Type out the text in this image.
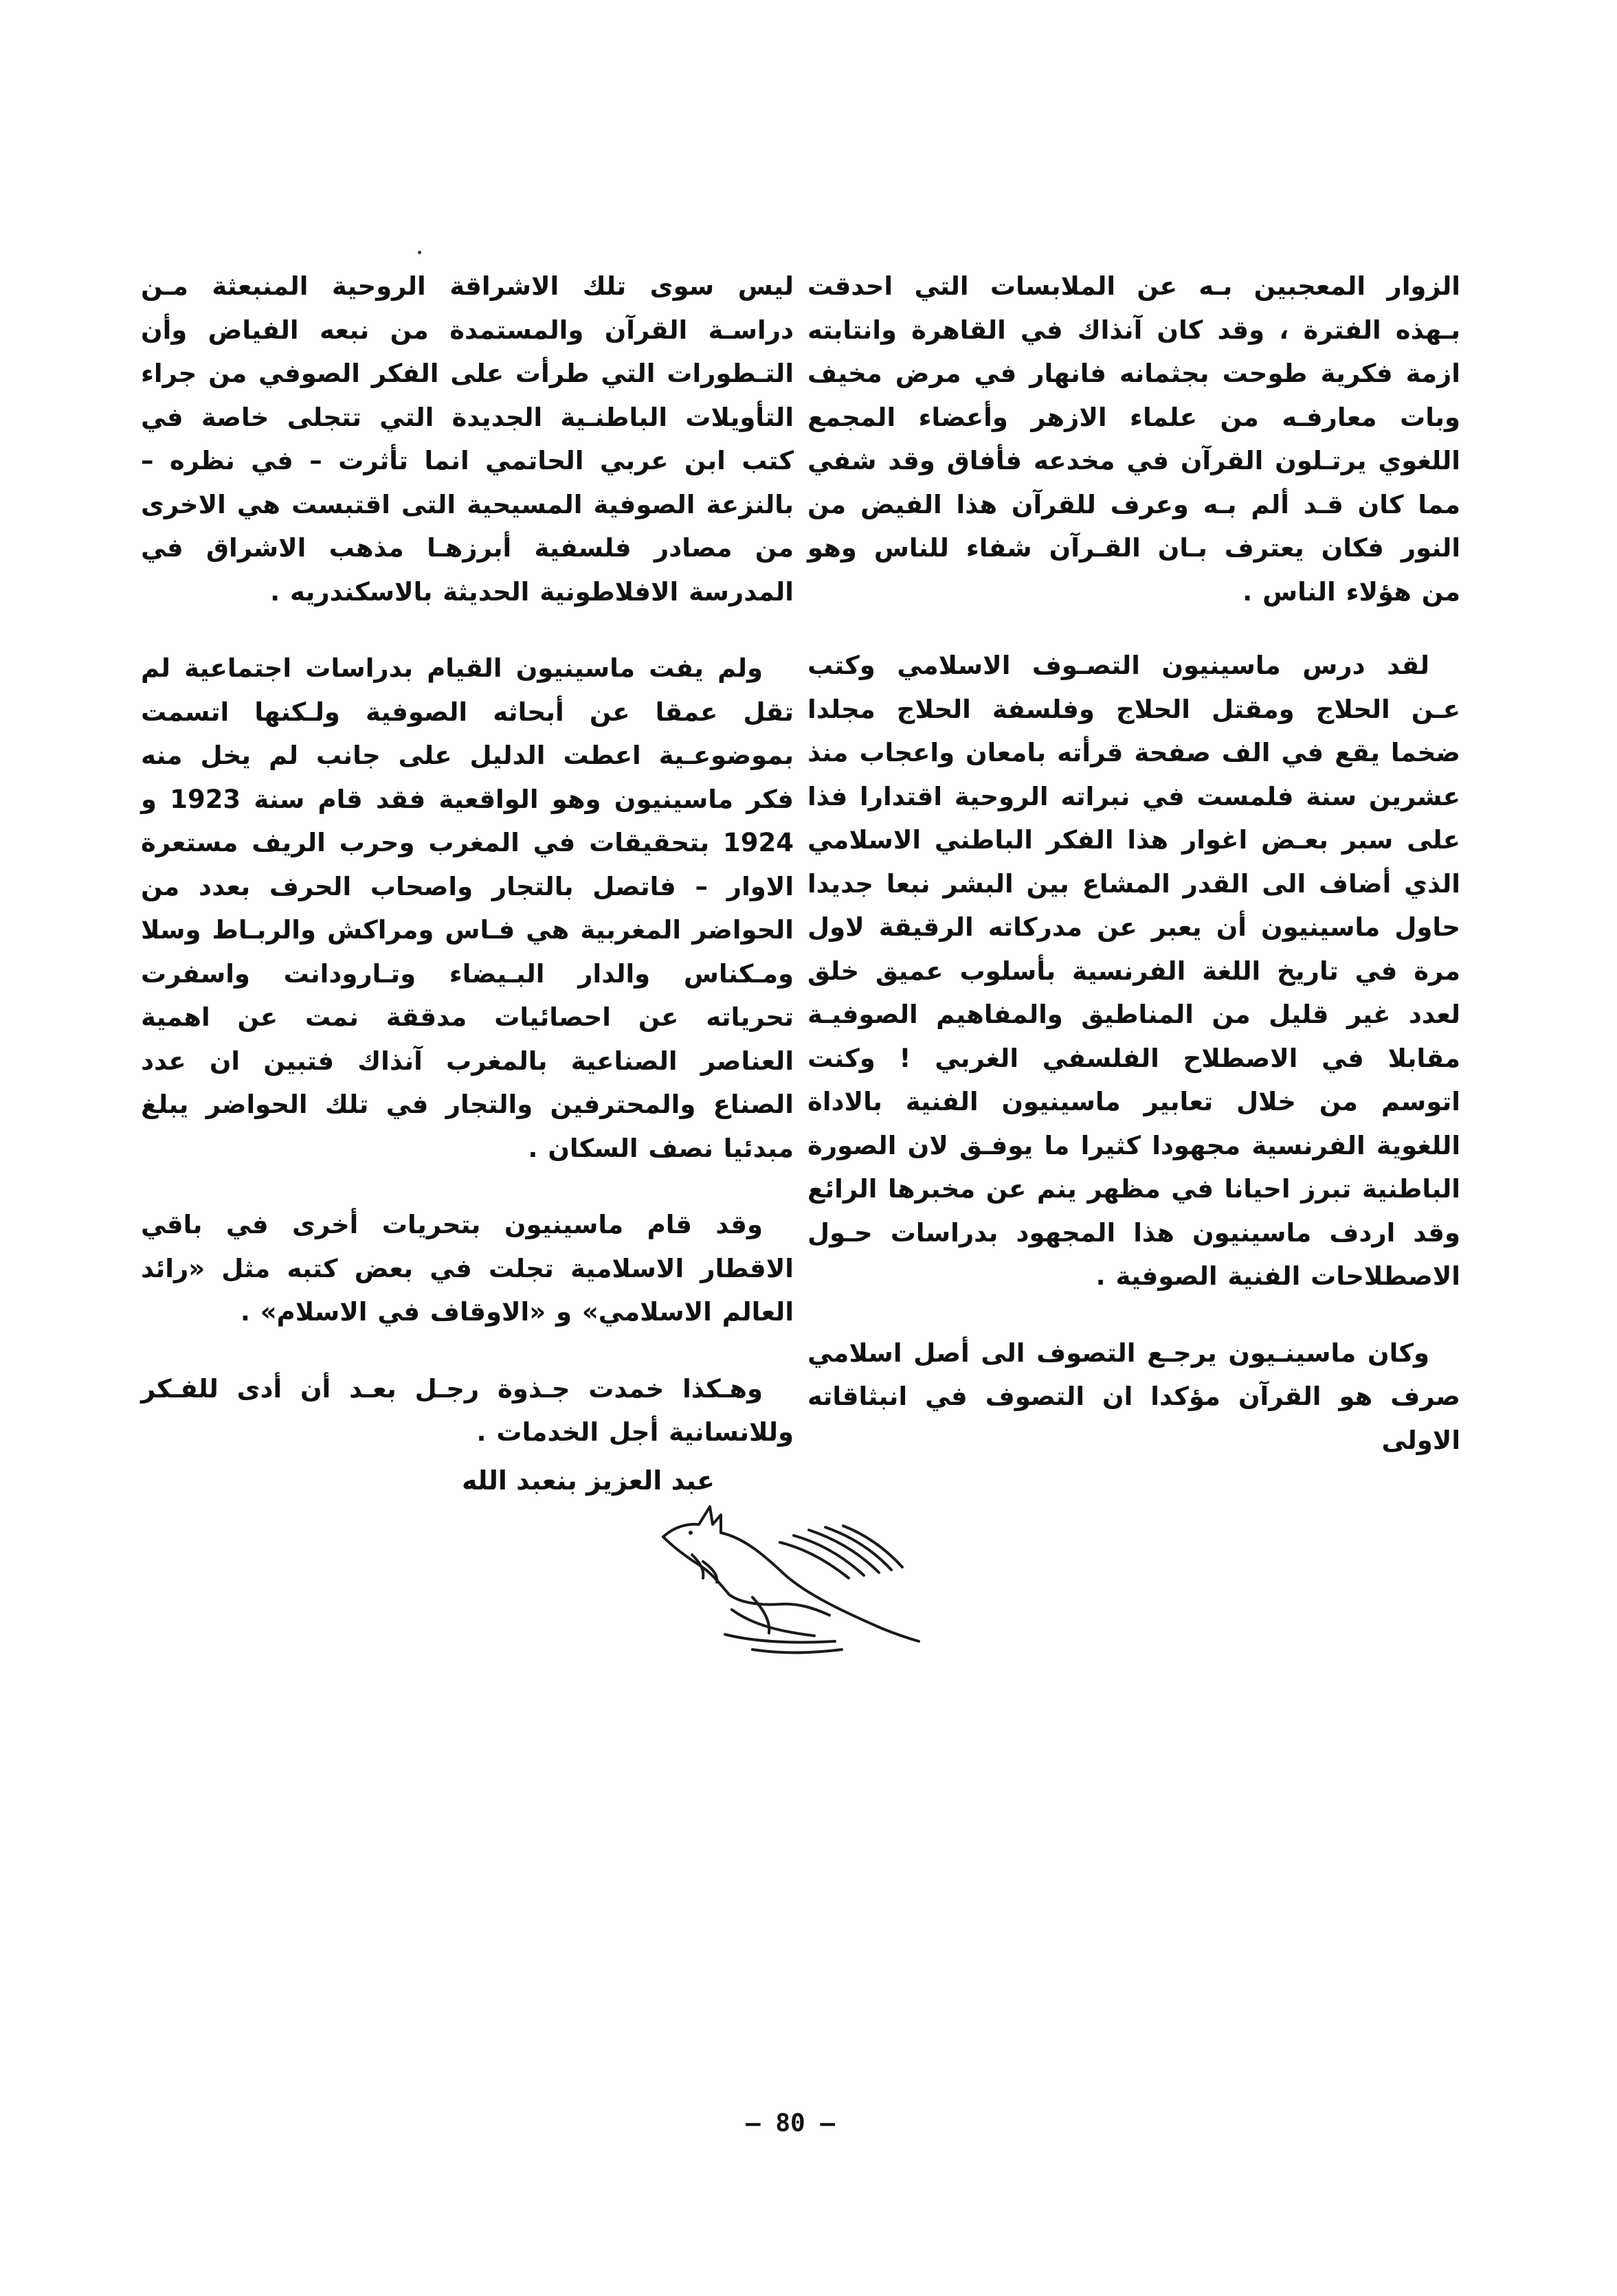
الزوار المعجبين بـه عن الملابسات التي احدقت بـهذه الفترة ، وقد كان آنذاك في القاهرة وانتابته ازمة فكرية طوحت بجثمانه فانهار في مرض مخيف وبات معارفـه من علماء الازهر وأعضاء المجمع اللغوي يرتـلون القرآن في مخدعه فأفاق وقد شفي مما كان قـد ألم بـه وعرف للقرآن هذا الفيض من النور فكان يعترف بـان القـرآن شفاء للناس وهو من هؤلاء الناس .

لقد درس ماسينيون التصـوف الاسلامي وكتب عـن الحلاج ومقتل الحلاج وفلسفة الحلاج مجلدا ضخما يقع في الف صفحة قرأته بامعان واعجاب منذ عشرين سنة فلمست في نبراته الروحية اقتدارا فذا على سبر بعـض اغوار هذا الفكر الباطني الاسلامي الذي أضاف الى القدر المشاع بين البشر نبعا جديدا حاول ماسينيون أن يعبر عن مدركاته الرقيقة لاول مرة في تاريخ اللغة الفرنسية بأسلوب عميق خلق لعدد غير قليل من المناطيق والمفاهيم الصوفيـة مقابلا في الاصطلاح الفلسفي الغربي ! وكنت اتوسم من خلال تعابير ماسينيون الفنية بالاداة اللغوية الفرنسية مجهودا كثيرا ما يوفـق لان الصورة الباطنية تبرز احيانا في مظهر ينم عن مخبرها الرائع وقد اردف ماسينيون هذا المجهود بدراسات حـول الاصطلاحات الفنية الصوفية .

وكان ماسينـيون يرجـع التصوف الى أصل اسلامي صرف هو القرآن مؤكدا ان التصوف في انبثاقاته الاولى

ليس سوى تلك الاشراقة الروحية المنبعثة مـن دراسـة القرآن والمستمدة من نبعه الفياض وأن التـطورات التي طرأت على الفكر الصوفي من جراء التأويلات الباطنـية الجديدة التي تتجلى خاصة في كتب ابن عربي الحاتمي انما تأثرت – في نظره – بالنزعة الصوفية المسيحية التى اقتبست هي الاخرى من مصادر فلسفية أبرزهـا مذهب الاشراق في المدرسة الافلاطونية الحديثة بالاسكندريه .

ولم يفت ماسينيون القيام بدراسات اجتماعية لم تقل عمقا عن أبحاثه الصوفية ولـكنها اتسمت بموضوعـية اعطت الدليل على جانب لم يخل منه فكر ماسينيون وهو الواقعية فقد قام سنة 1923 و 1924 بتحقيقات في المغرب وحرب الريف مستعرة الاوار – فاتصل بالتجار واصحاب الحرف بعدد من الحواضر المغربية هي فـاس ومراكش والربـاط وسلا ومـكناس والدار البـيضاء وتـارودانت واسفرت تحرياته عن احصائيات مدققة نمت عن اهمية العناصر الصناعية بالمغرب آنذاك فتبين ان عدد الصناع والمحترفين والتجار في تلك الحواضر يبلغ مبدئيا نصف السكان .

وقد قام ماسينيون بتحريات أخرى في باقي الاقطار الاسلامية تجلت في بعض كتبه مثل «رائد العالم الاسلامي» و «الاوقاف في الاسلام» .

وهـكذا خمدت جـذوة رجـل بعـد أن أدى للفـكر وللانسانية أجل الخدمات .

عبد العزيز بنعبد الله
– 80 –
